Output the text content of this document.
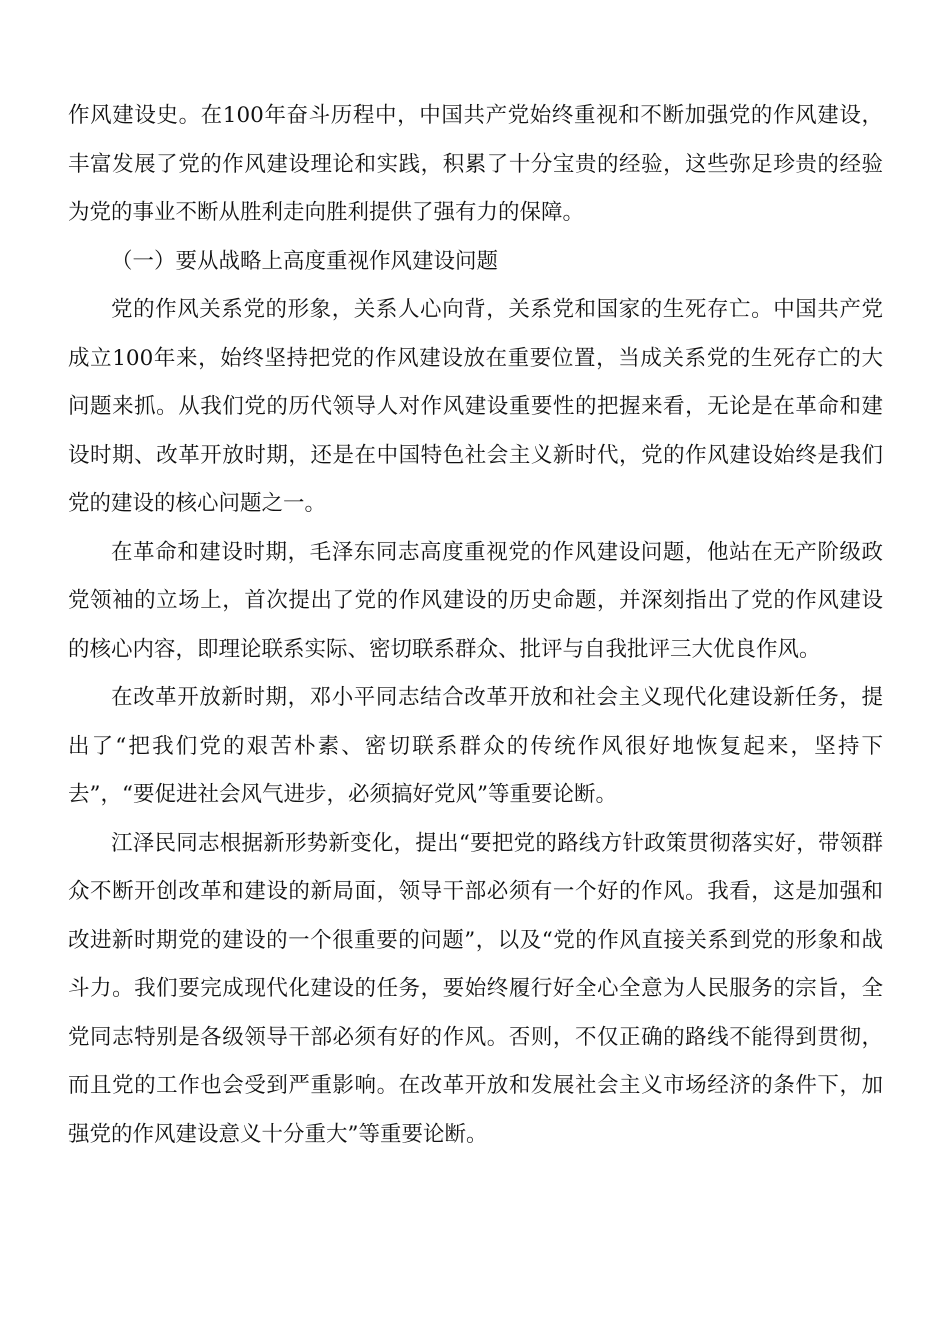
作风建设史。在100年奋斗历程中，中国共产党始终重视和不断加强党的作风建设，丰富发展了党的作风建设理论和实践，积累了十分宝贵的经验，这些弥足珍贵的经验为党的事业不断从胜利走向胜利提供了强有力的保障。

（一）要从战略上高度重视作风建设问题

党的作风关系党的形象，关系人心向背，关系党和国家的生死存亡。中国共产党成立100年来，始终坚持把党的作风建设放在重要位置，当成关系党的生死存亡的大问题来抓。从我们党的历代领导人对作风建设重要性的把握来看，无论是在革命和建设时期、改革开放时期，还是在中国特色社会主义新时代，党的作风建设始终是我们党的建设的核心问题之一。

在革命和建设时期，毛泽东同志高度重视党的作风建设问题，他站在无产阶级政党领袖的立场上，首次提出了党的作风建设的历史命题，并深刻指出了党的作风建设的核心内容，即理论联系实际、密切联系群众、批评与自我批评三大优良作风。

在改革开放新时期，邓小平同志结合改革开放和社会主义现代化建设新任务，提出了“把我们党的艰苦朴素、密切联系群众的传统作风很好地恢复起来，坚持下去”，“要促进社会风气进步，必须搞好党风”等重要论断。

江泽民同志根据新形势新变化，提出“要把党的路线方针政策贯彻落实好，带领群众不断开创改革和建设的新局面，领导干部必须有一个好的作风。我看，这是加强和改进新时期党的建设的一个很重要的问题”，以及“党的作风直接关系到党的形象和战斗力。我们要完成现代化建设的任务，要始终履行好全心全意为人民服务的宗旨，全党同志特别是各级领导干部必须有好的作风。否则，不仅正确的路线不能得到贯彻，而且党的工作也会受到严重影响。在改革开放和发展社会主义市场经济的条件下，加强党的作风建设意义十分重大”等重要论断。
